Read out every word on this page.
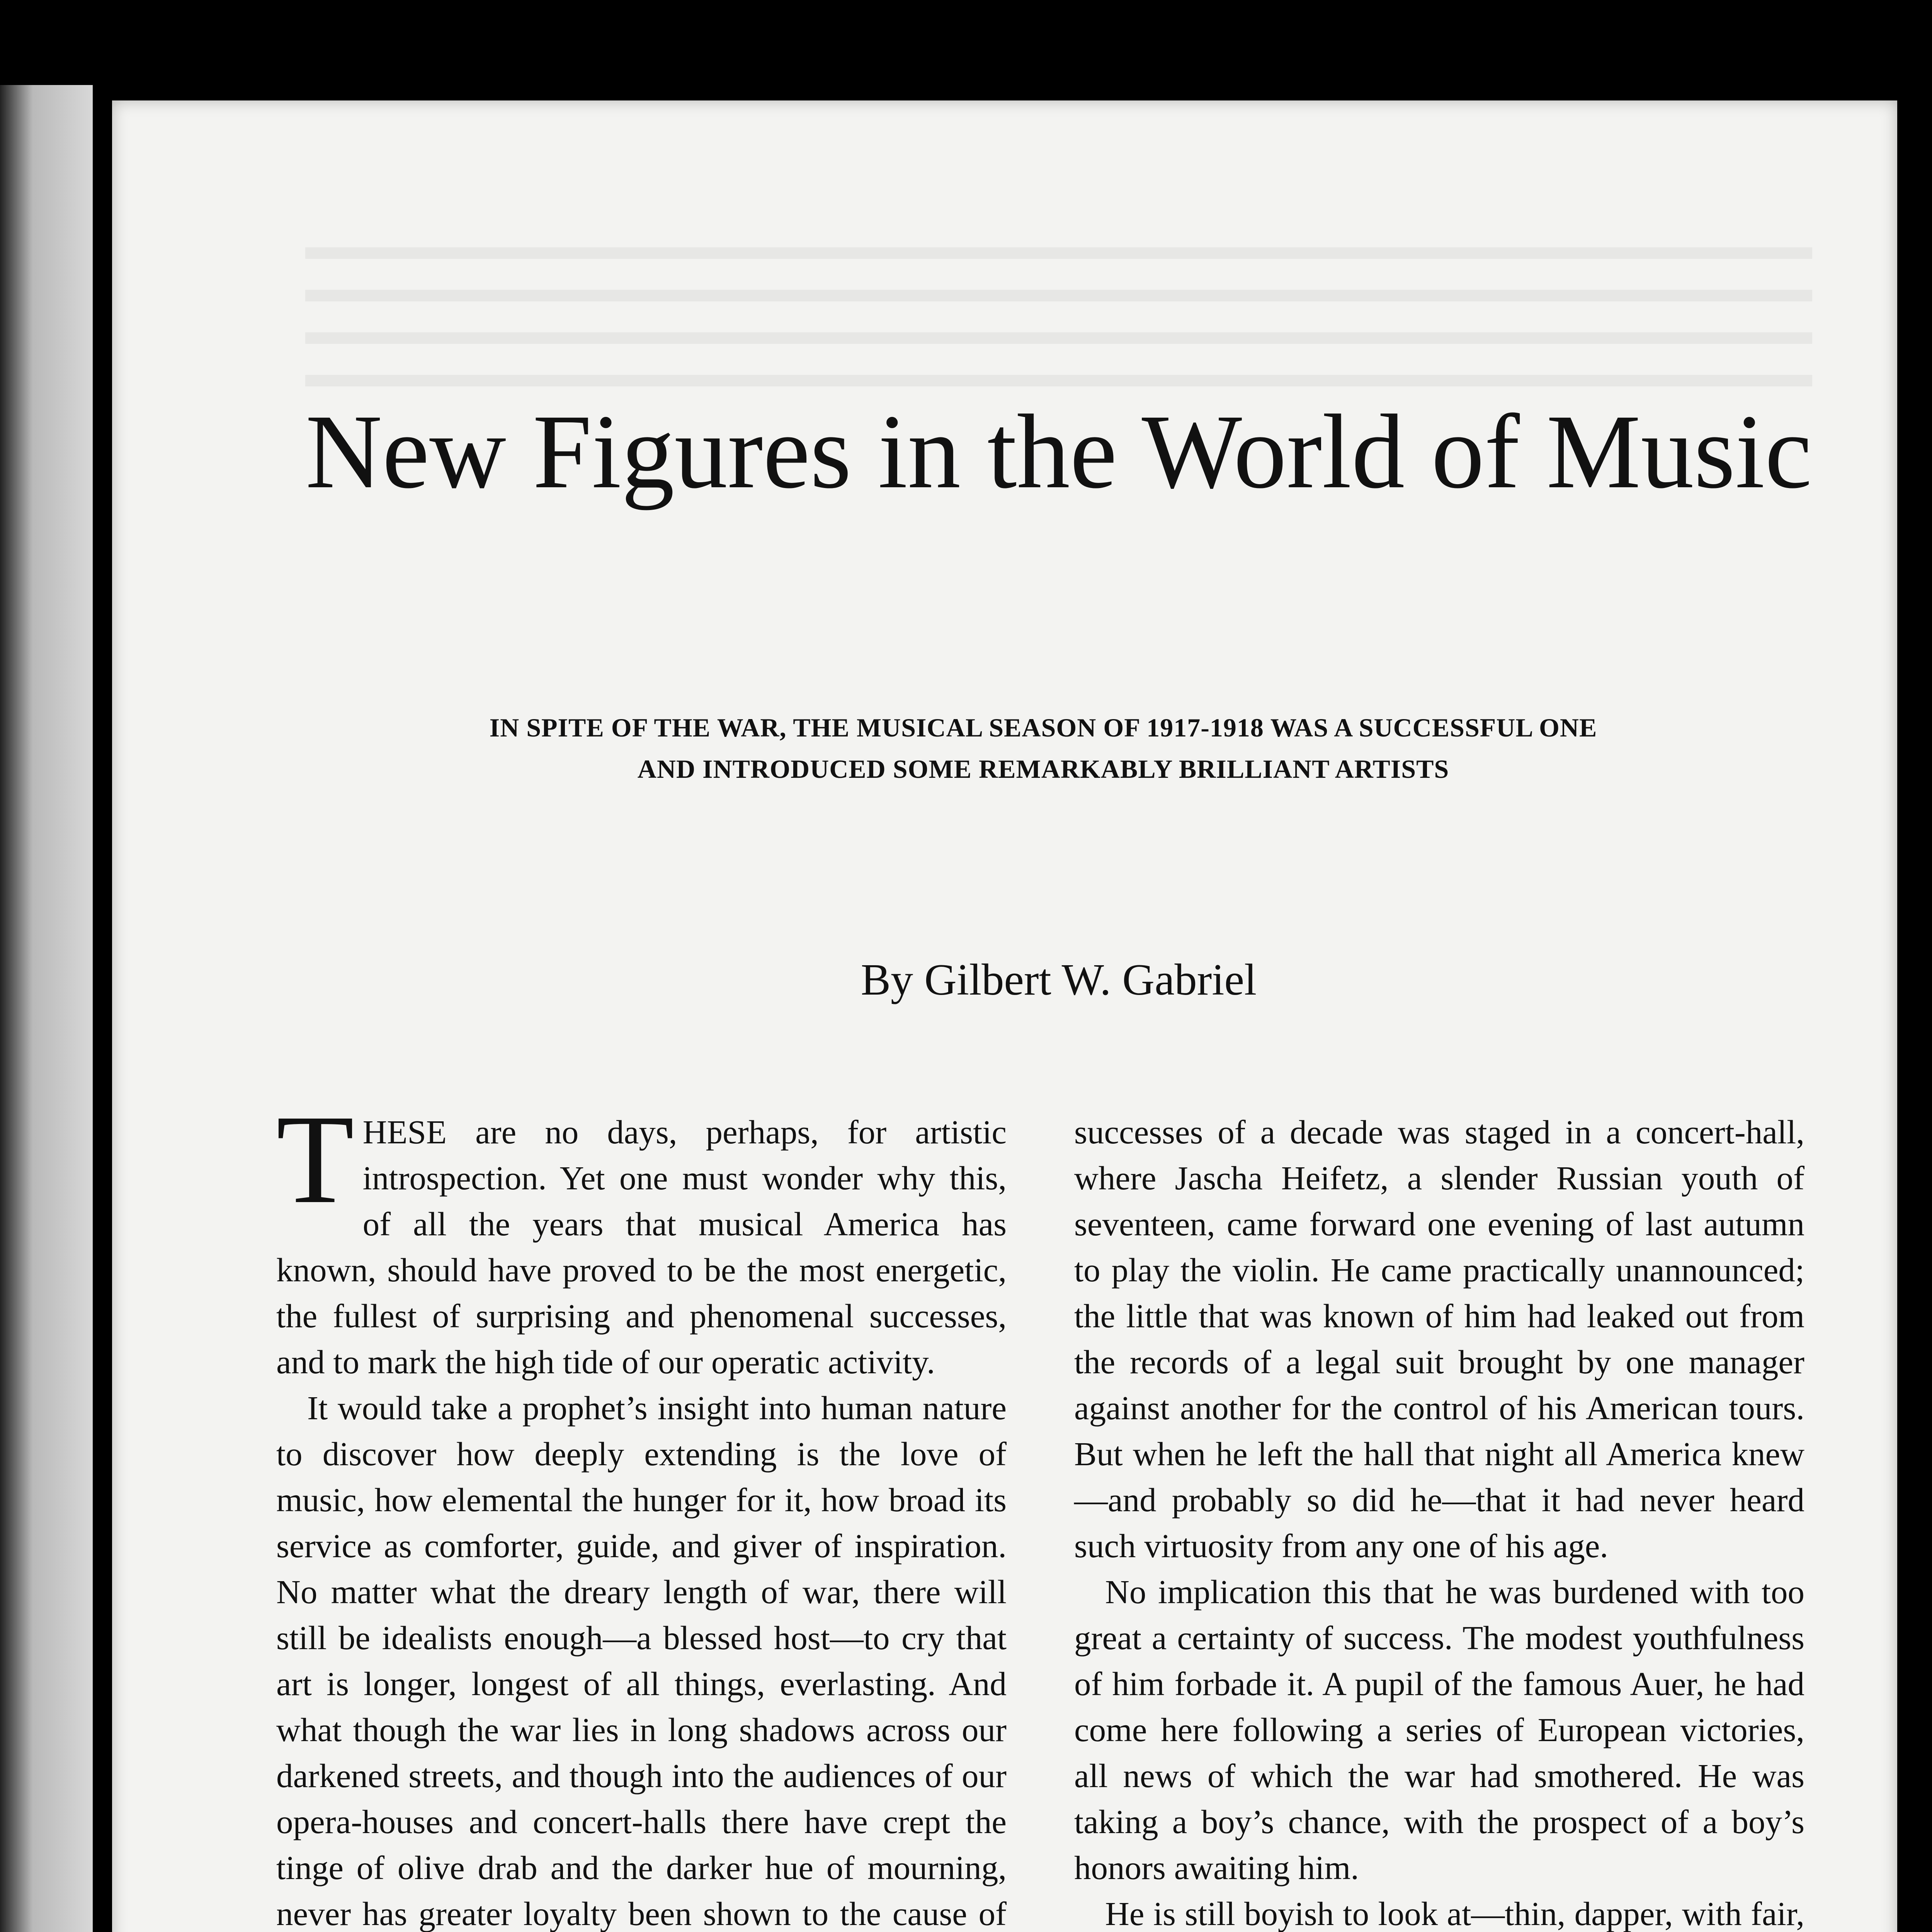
New Figures in the World of Music
IN SPITE OF THE WAR, THE MUSICAL SEASON OF 1917-1918 WAS A SUCCESSFUL ONE
AND INTRODUCED SOME REMARKABLY BRILLIANT ARTISTS
By Gilbert W. Gabriel

THESE are no days, perhaps, for artistic introspection. Yet one must wonder why this, of all the years that musical America has known, should have proved to be the most energetic, the fullest of surprising and phenomenal successes, and to mark the high tide of our operatic activity.

It would take a prophet’s insight into human nature to discover how deeply extending is the love of music, how elemental the hunger for it, how broad its service as comforter, guide, and giver of inspiration. No matter what the dreary length of war, there will still be idealists enough—a blessed host—to cry that art is longer, longest of all things, everlasting. And what though the war lies in long shadows across our darkened streets, and though into the audiences of our opera-houses and concert-halls there have crept the tinge of olive drab and the darker hue of mourning, never has greater loyalty been shown to the cause of

successes of a decade was staged in a concert-hall, where Jascha Heifetz, a slender Russian youth of seventeen, came forward one evening of last autumn to play the violin. He came practically unannounced; the little that was known of him had leaked out from the records of a legal suit brought by one manager against another for the control of his American tours. But when he left the hall that night all America knew—and probably so did he—that it had never heard such virtuosity from any one of his age.

No implication this that he was burdened with too great a certainty of success. The modest youthfulness of him forbade it. A pupil of the famous Auer, he had come here following a series of European victories, all news of which the war had smothered. He was taking a boy’s chance, with the prospect of a boy’s honors awaiting him.

He is still boyish to look at—thin, dapper, with fair,
